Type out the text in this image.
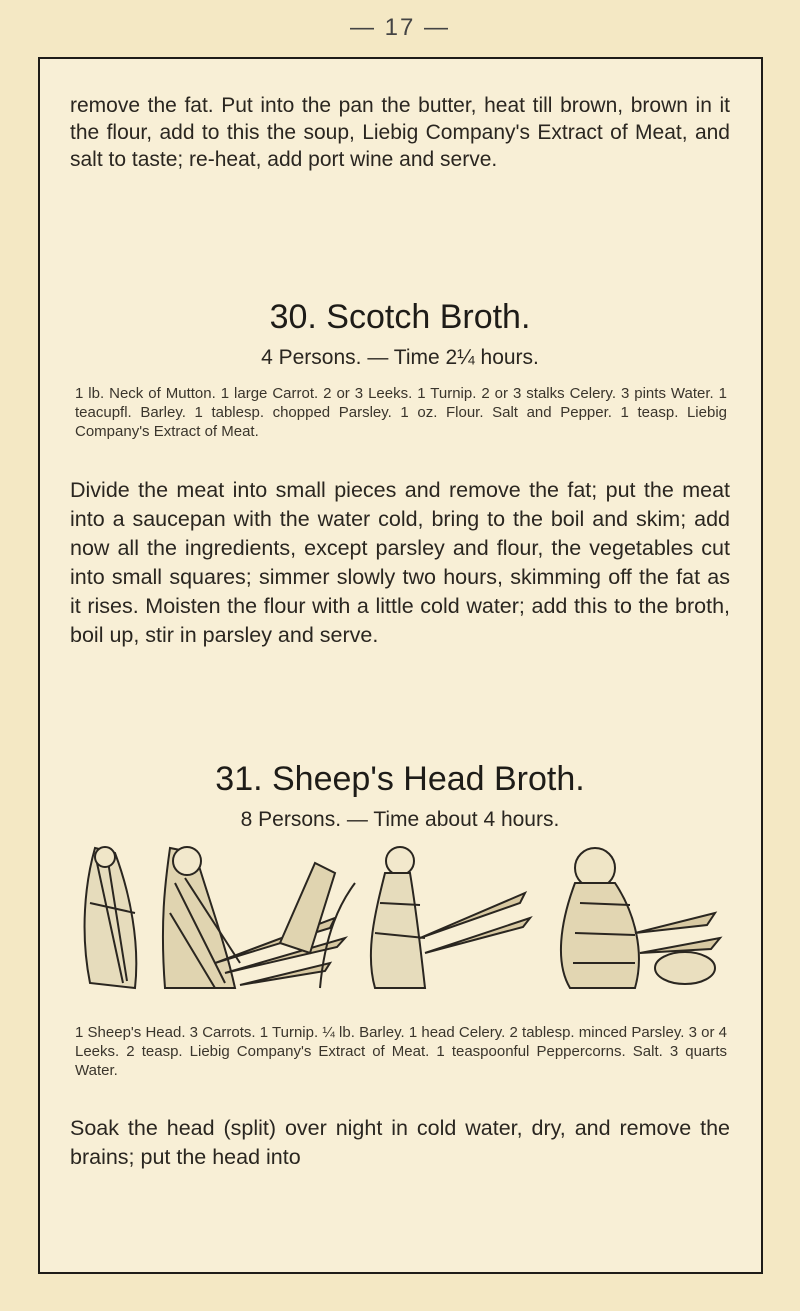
— 17 —

remove the fat. Put into the pan the butter, heat till brown, brown in it the flour, add to this the soup, Liebig Company's Extract of Meat, and salt to taste; re-heat, add port wine and serve.

30. Scotch Broth.

4 Persons. — Time 2¼ hours.

1 lb. Neck of Mutton. 1 large Carrot. 2 or 3 Leeks. 1 Turnip. 2 or 3 stalks Celery. 3 pints Water. 1 teacupfl. Barley. 1 tablesp. chopped Parsley. 1 oz. Flour. Salt and Pepper. 1 teasp. Liebig Company's Extract of Meat.

Divide the meat into small pieces and remove the fat; put the meat into a saucepan with the water cold, bring to the boil and skim; add now all the ingredients, except parsley and flour, the vegetables cut into small squares; simmer slowly two hours, skimming off the fat as it rises. Moisten the flour with a little cold water; add this to the broth, boil up, stir in parsley and serve.

31. Sheep's Head Broth.

8 Persons. — Time about 4 hours.

1 Sheep's Head. 3 Carrots. 1 Turnip. ¼ lb. Barley. 1 head Celery. 2 tablesp. minced Parsley. 3 or 4 Leeks. 2 teasp. Liebig Company's Extract of Meat. 1 teaspoonful Peppercorns. Salt. 3 quarts Water.

Soak the head (split) over night in cold water, dry, and remove the brains; put the head into
